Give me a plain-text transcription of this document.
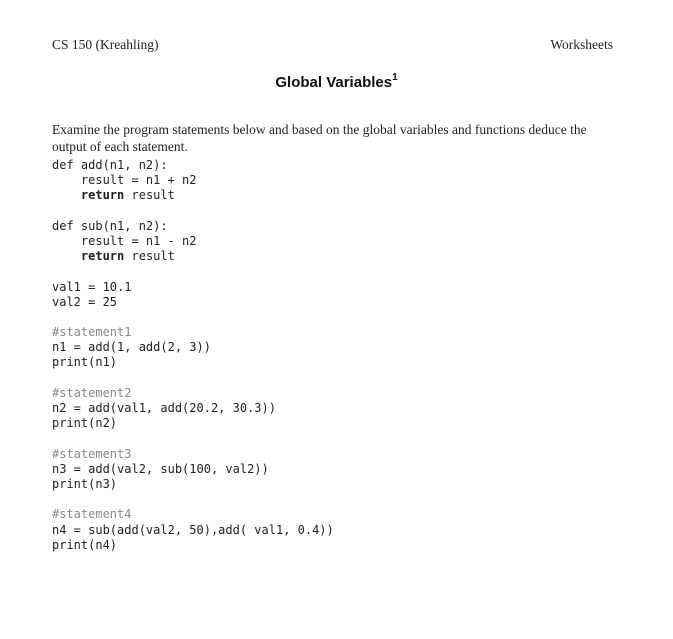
CS 150 (Kreahling)	Worksheets
Global Variables$^1$
Examine the program statements below and based on the global variables and functions deduce the output of each statement.
def add(n1, n2):
result = n1 + n2
return result

def sub(n1, n2):
result = n1 - n2
return result

val1 = 10.1
val2 = 25

#statement1
n1 = add(1, add(2, 3))
print(n1)

#statement2
n2 = add(val1, add(20.2, 30.3))
print(n2)

#statement3
n3 = add(val2, sub(100, val2))
print(n3)

#statement4
n4 = sub(add(val2, 50),add( val1, 0.4))
print(n4)
